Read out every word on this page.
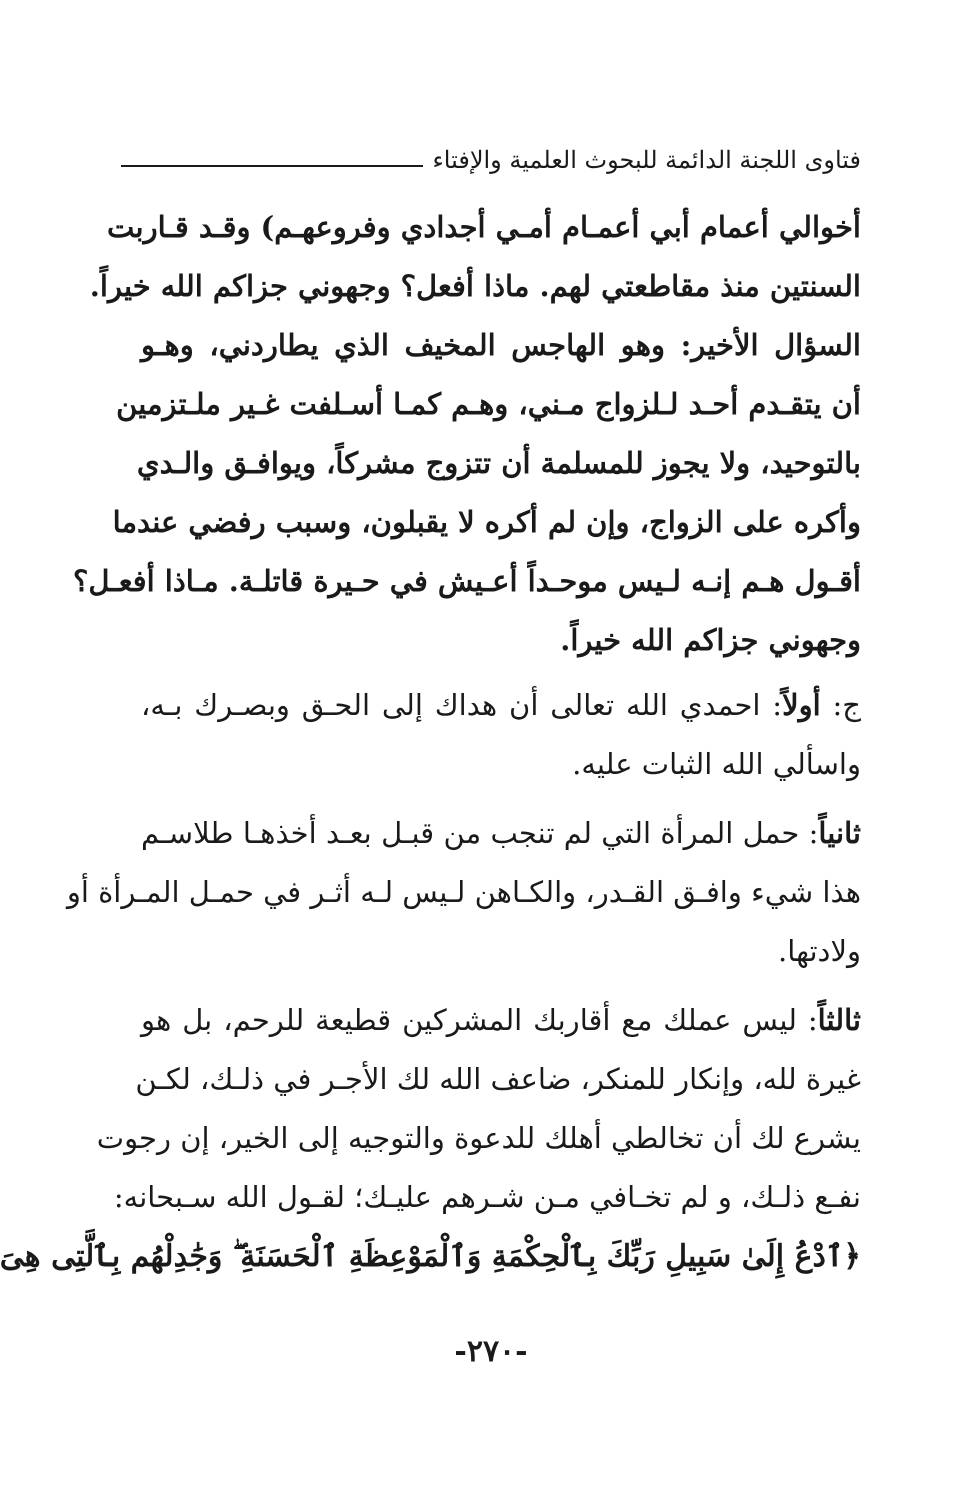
فتاوى اللجنة الدائمة للبحوث العلمية والإفتاء
أخوالي أعمام أبي أعمـام أمـي أجدادي وفروعهـم) وقـد قـاربت
السنتين منذ مقاطعتي لهم. ماذا أفعل؟ وجهوني جزاكم الله خيراً.
السؤال الأخير: وهو الهاجس المخيف الذي يطاردني، وهـو
أن يتقـدم أحـد لـلزواج مـني، وهـم كمـا أسـلفت غـير ملـتزمين
بالتوحيد، ولا يجوز للمسلمة أن تتزوج مشركاً، ويوافـق والـدي
وأكره على الزواج، وإن لم أكره لا يقبلون، وسبب رفضي عندما
أقـول هـم إنـه لـيس موحـداً أعـيش في حـيرة قاتلـة. مـاذا أفعـل؟
وجهوني جزاكم الله خيراً.
ج: أولاً: احمدي الله تعالى أن هداك إلى الحـق وبصـرك بـه،
واسألي الله الثبات عليه.
ثانياً: حمل المرأة التي لم تنجب من قبـل بعـد أخذهـا طلاسـم
هذا شيء وافـق القـدر، والكـاهن لـيس لـه أثـر في حمـل المـرأة أو
ولادتها.
ثالثاً: ليس عملك مع أقاربك المشركين قطيعة للرحم، بل هو
غيرة لله، وإنكار للمنكر، ضاعف الله لك الأجـر في ذلـك، لكـن
يشرع لك أن تخالطي أهلك للدعوة والتوجيه إلى الخير، إن رجوت
نفـع ذلـك، و لم تخـافي مـن شـرهم عليـك؛ لقـول الله سـبحانه:
﴿ٱدْعُ إِلَىٰ سَبِيلِ رَبِّكَ بِٱلْحِكْمَةِ وَٱلْمَوْعِظَةِ ٱلْحَسَنَةِ ۖ وَجَٰدِلْهُم بِٱلَّتِى هِىَ
-٢٧٠-
